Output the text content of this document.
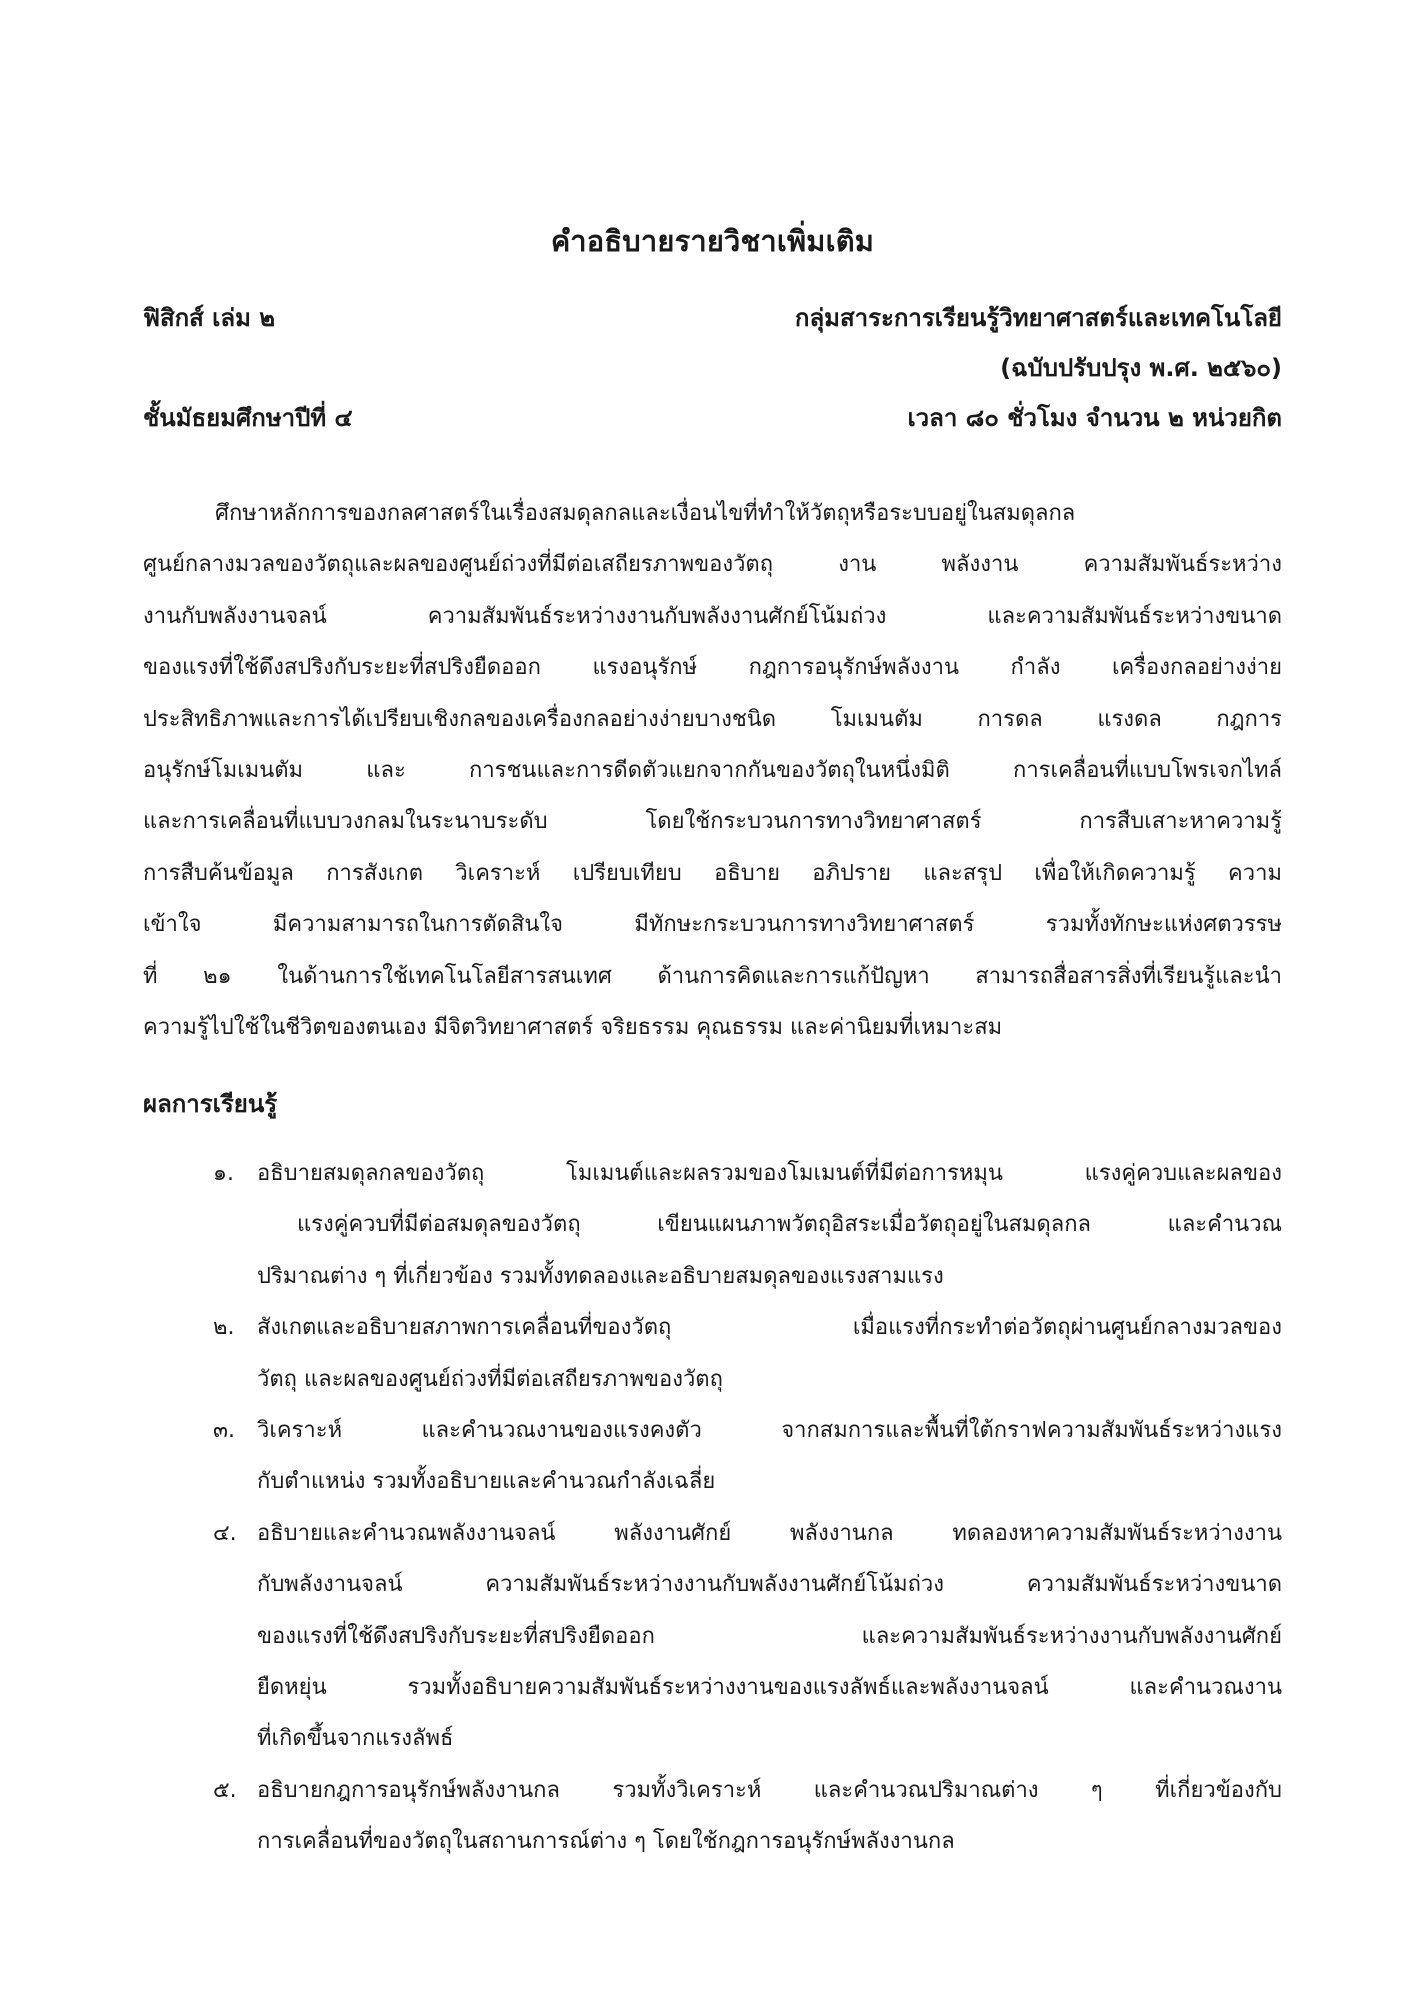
คำอธิบายรายวิชาเพิ่มเติม
ฟิสิกส์ เล่ม ๒	กลุ่มสาระการเรียนรู้วิทยาศาสตร์และเทคโนโลยี
(ฉบับปรับปรุง พ.ศ. ๒๕๖๐)
ชั้นมัธยมศึกษาปีที่ ๔	เวลา ๘๐ ชั่วโมง จำนวน ๒ หน่วยกิต
ศึกษาหลักการของกลศาสตร์ในเรื่องสมดุลกลและเงื่อนไขที่ทำให้วัตถุหรือระบบอยู่ในสมดุลกล
ศูนย์กลางมวลของวัตถุและผลของศูนย์ถ่วงที่มีต่อเสถียรภาพของวัตถุ งาน พลังงาน ความสัมพันธ์ระหว่าง
งานกับพลังงานจลน์ ความสัมพันธ์ระหว่างงานกับพลังงานศักย์โน้มถ่วง และความสัมพันธ์ระหว่างขนาด
ของแรงที่ใช้ดึงสปริงกับระยะที่สปริงยืดออก แรงอนุรักษ์ กฎการอนุรักษ์พลังงาน กำลัง เครื่องกลอย่างง่าย
ประสิทธิภาพและการได้เปรียบเชิงกลของเครื่องกลอย่างง่ายบางชนิด โมเมนตัม การดล แรงดล กฎการ
อนุรักษ์โมเมนตัม และ การชนและการดีดตัวแยกจากกันของวัตถุในหนึ่งมิติ การเคลื่อนที่แบบโพรเจกไทล์
และการเคลื่อนที่แบบวงกลมในระนาบระดับ โดยใช้กระบวนการทางวิทยาศาสตร์ การสืบเสาะหาความรู้
การสืบค้นข้อมูล การสังเกต วิเคราะห์ เปรียบเทียบ อธิบาย อภิปราย และสรุป เพื่อให้เกิดความรู้ ความ
เข้าใจ มีความสามารถในการตัดสินใจ มีทักษะกระบวนการทางวิทยาศาสตร์ รวมทั้งทักษะแห่งศตวรรษ
ที่ ๒๑ ในด้านการใช้เทคโนโลยีสารสนเทศ ด้านการคิดและการแก้ปัญหา สามารถสื่อสารสิ่งที่เรียนรู้และนำ
ความรู้ไปใช้ในชีวิตของตนเอง มีจิตวิทยาศาสตร์ จริยธรรม คุณธรรม และค่านิยมที่เหมาะสม
ผลการเรียนรู้
๑. อธิบายสมดุลกลของวัตถุ โมเมนต์และผลรวมของโมเมนต์ที่มีต่อการหมุน แรงคู่ควบและผลของ
แรงคู่ควบที่มีต่อสมดุลของวัตถุ เขียนแผนภาพวัตถุอิสระเมื่อวัตถุอยู่ในสมดุลกล และคำนวณ
ปริมาณต่าง ๆ ที่เกี่ยวข้อง รวมทั้งทดลองและอธิบายสมดุลของแรงสามแรง
๒. สังเกตและอธิบายสภาพการเคลื่อนที่ของวัตถุ เมื่อแรงที่กระทำต่อวัตถุผ่านศูนย์กลางมวลของ
วัตถุ และผลของศูนย์ถ่วงที่มีต่อเสถียรภาพของวัตถุ
๓. วิเคราะห์ และคำนวณงานของแรงคงตัว จากสมการและพื้นที่ใต้กราฟความสัมพันธ์ระหว่างแรง
กับตำแหน่ง รวมทั้งอธิบายและคำนวณกำลังเฉลี่ย
๔. อธิบายและคำนวณพลังงานจลน์ พลังงานศักย์ พลังงานกล ทดลองหาความสัมพันธ์ระหว่างงาน
กับพลังงานจลน์ ความสัมพันธ์ระหว่างงานกับพลังงานศักย์โน้มถ่วง ความสัมพันธ์ระหว่างขนาด
ของแรงที่ใช้ดึงสปริงกับระยะที่สปริงยืดออก และความสัมพันธ์ระหว่างงานกับพลังงานศักย์
ยืดหยุ่น รวมทั้งอธิบายความสัมพันธ์ระหว่างงานของแรงลัพธ์และพลังงานจลน์ และคำนวณงาน
ที่เกิดขึ้นจากแรงลัพธ์
๕. อธิบายกฎการอนุรักษ์พลังงานกล รวมทั้งวิเคราะห์ และคำนวณปริมาณต่าง ๆ ที่เกี่ยวข้องกับ
การเคลื่อนที่ของวัตถุในสถานการณ์ต่าง ๆ โดยใช้กฎการอนุรักษ์พลังงานกล
